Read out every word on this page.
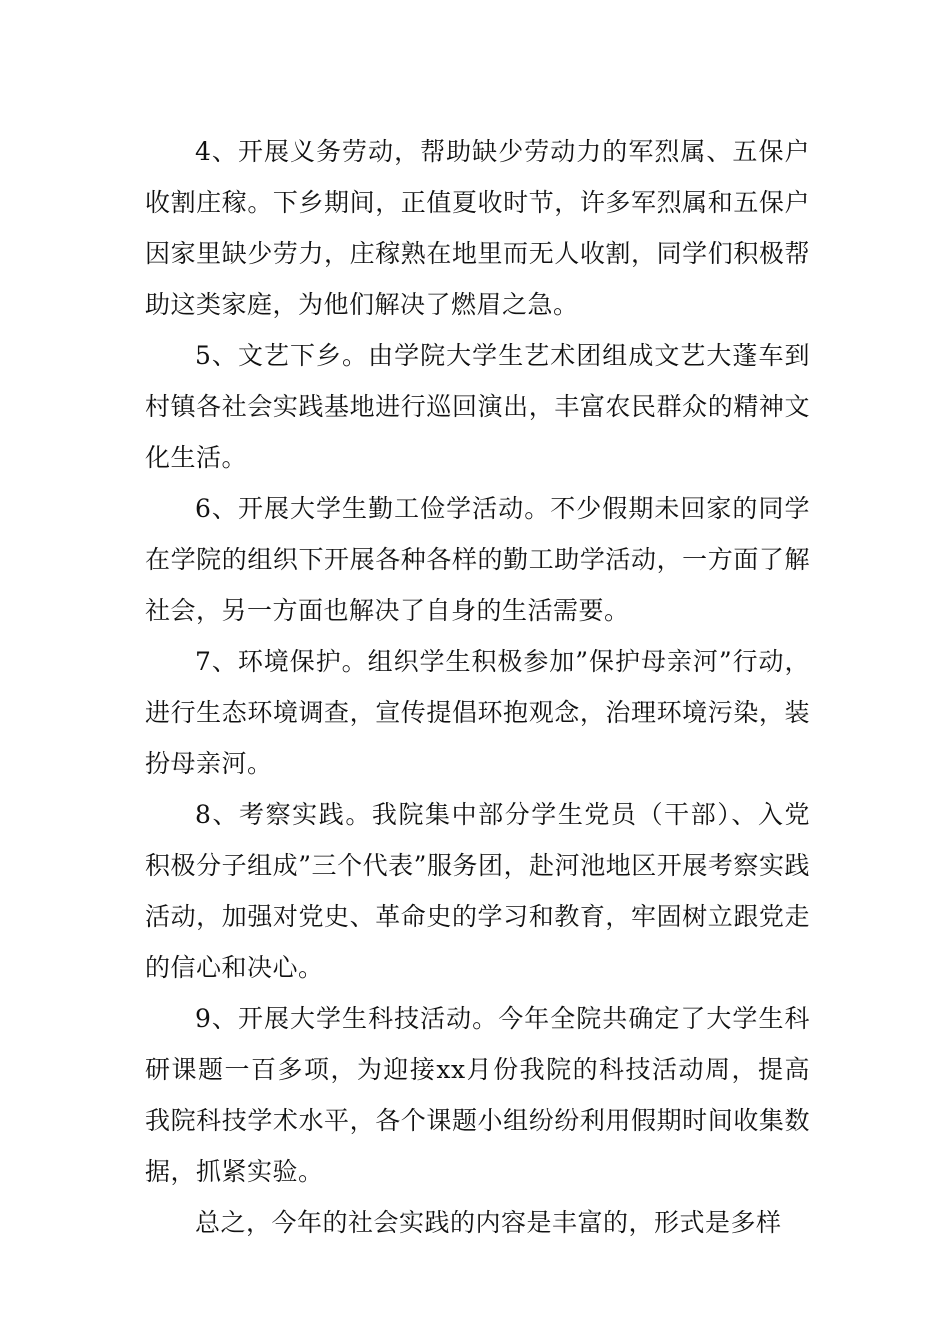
4、开展义务劳动，帮助缺少劳动力的军烈属、五保户收割庄稼。下乡期间，正值夏收时节，许多军烈属和五保户因家里缺少劳力，庄稼熟在地里而无人收割，同学们积极帮助这类家庭，为他们解决了燃眉之急。

5、文艺下乡。由学院大学生艺术团组成文艺大蓬车到村镇各社会实践基地进行巡回演出，丰富农民群众的精神文化生活。

6、开展大学生勤工俭学活动。不少假期未回家的同学在学院的组织下开展各种各样的勤工助学活动，一方面了解社会，另一方面也解决了自身的生活需要。

7、环境保护。组织学生积极参加”保护母亲河”行动，进行生态环境调查，宣传提倡环抱观念，治理环境污染，装扮母亲河。

8、考察实践。我院集中部分学生党员（干部）、入党积极分子组成”三个代表”服务团，赴河池地区开展考察实践活动，加强对党史、革命史的学习和教育，牢固树立跟党走的信心和决心。

9、开展大学生科技活动。今年全院共确定了大学生科研课题一百多项，为迎接xx月份我院的科技活动周，提高我院科技学术水平，各个课题小组纷纷利用假期时间收集数据，抓紧实验。

总之，今年的社会实践的内容是丰富的，形式是多样
